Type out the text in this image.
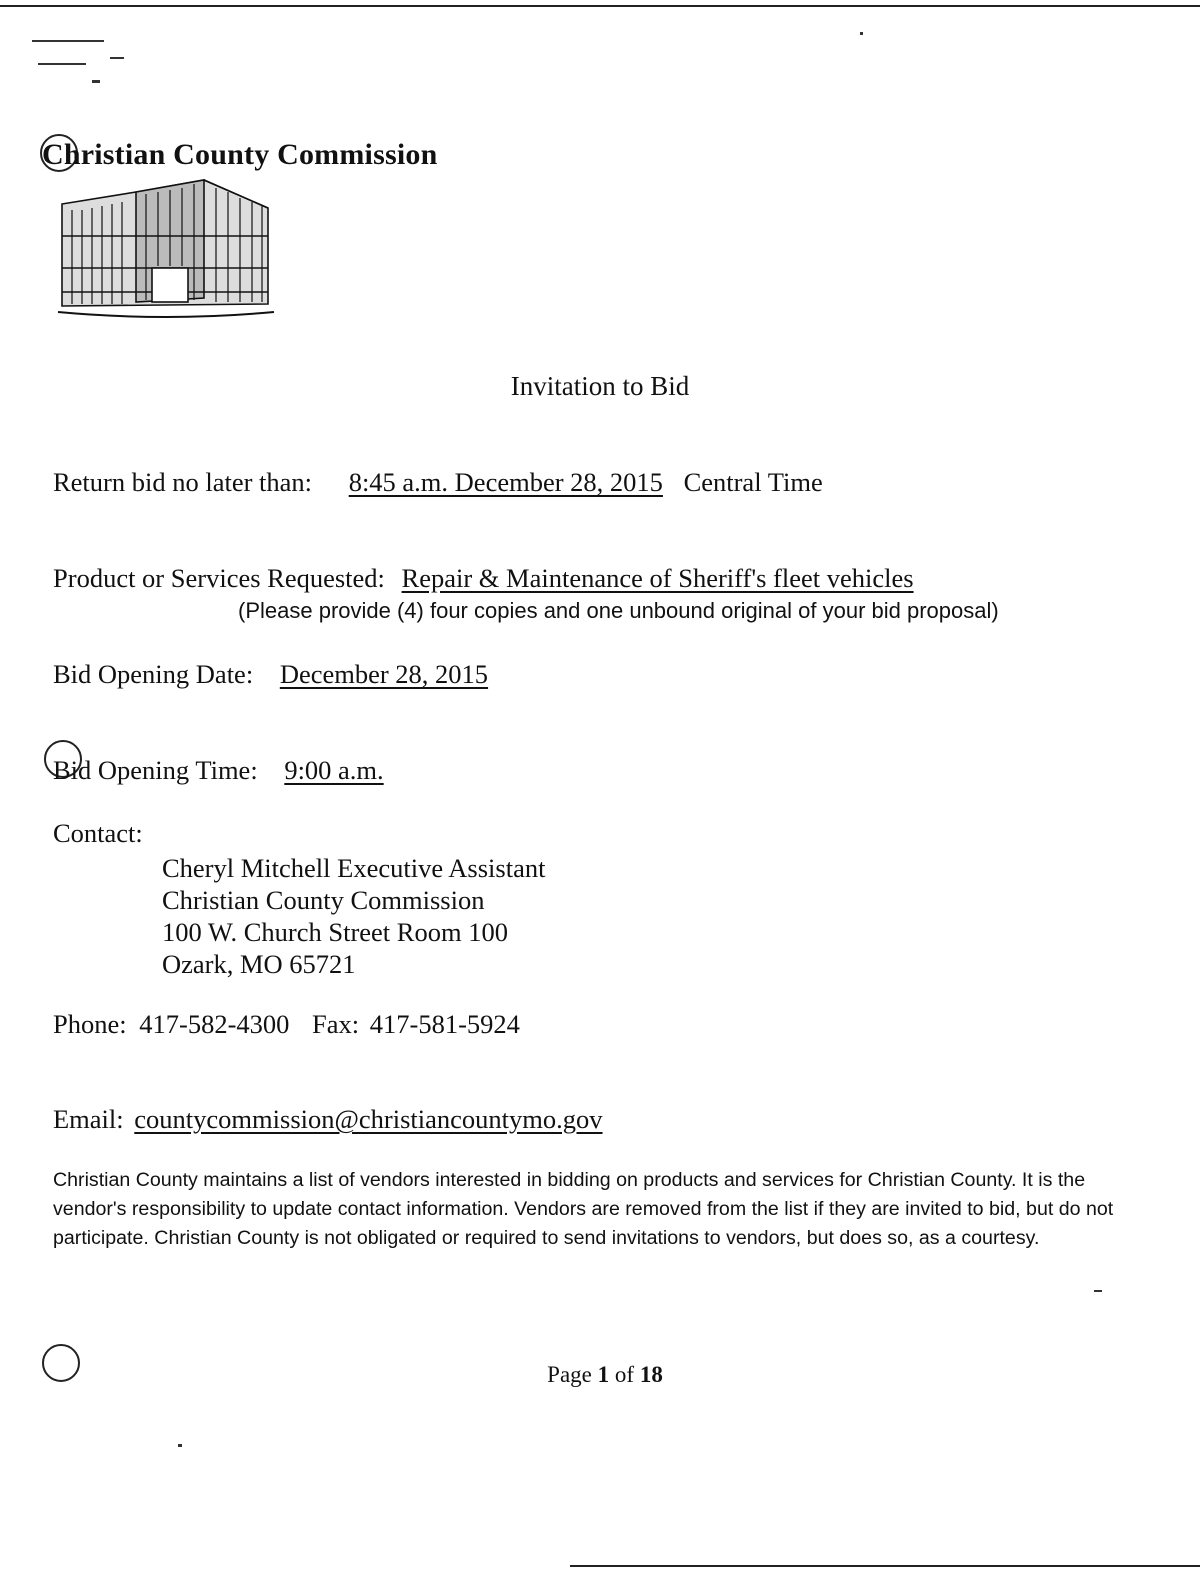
Christian County Commission
Invitation to Bid
Return bid no later than: 8:45 a.m. December 28, 2015 Central Time
Product or Services Requested: Repair & Maintenance of Sheriff's fleet vehicles
(Please provide (4) four copies and one unbound original of your bid proposal)
Bid Opening Date: December 28, 2015
Bid Opening Time: 9:00 a.m.
Contact:
Cheryl Mitchell Executive Assistant
Christian County Commission
100 W. Church Street Room 100
Ozark, MO 65721
Phone: 417-582-4300 Fax: 417-581-5924
Email: countycommission@christiancountymo.gov
Christian County maintains a list of vendors interested in bidding on products and services for Christian County. It is the vendor's responsibility to update contact information. Vendors are removed from the list if they are invited to bid, but do not participate. Christian County is not obligated or required to send invitations to vendors, but does so, as a courtesy.
Page 1 of 18
